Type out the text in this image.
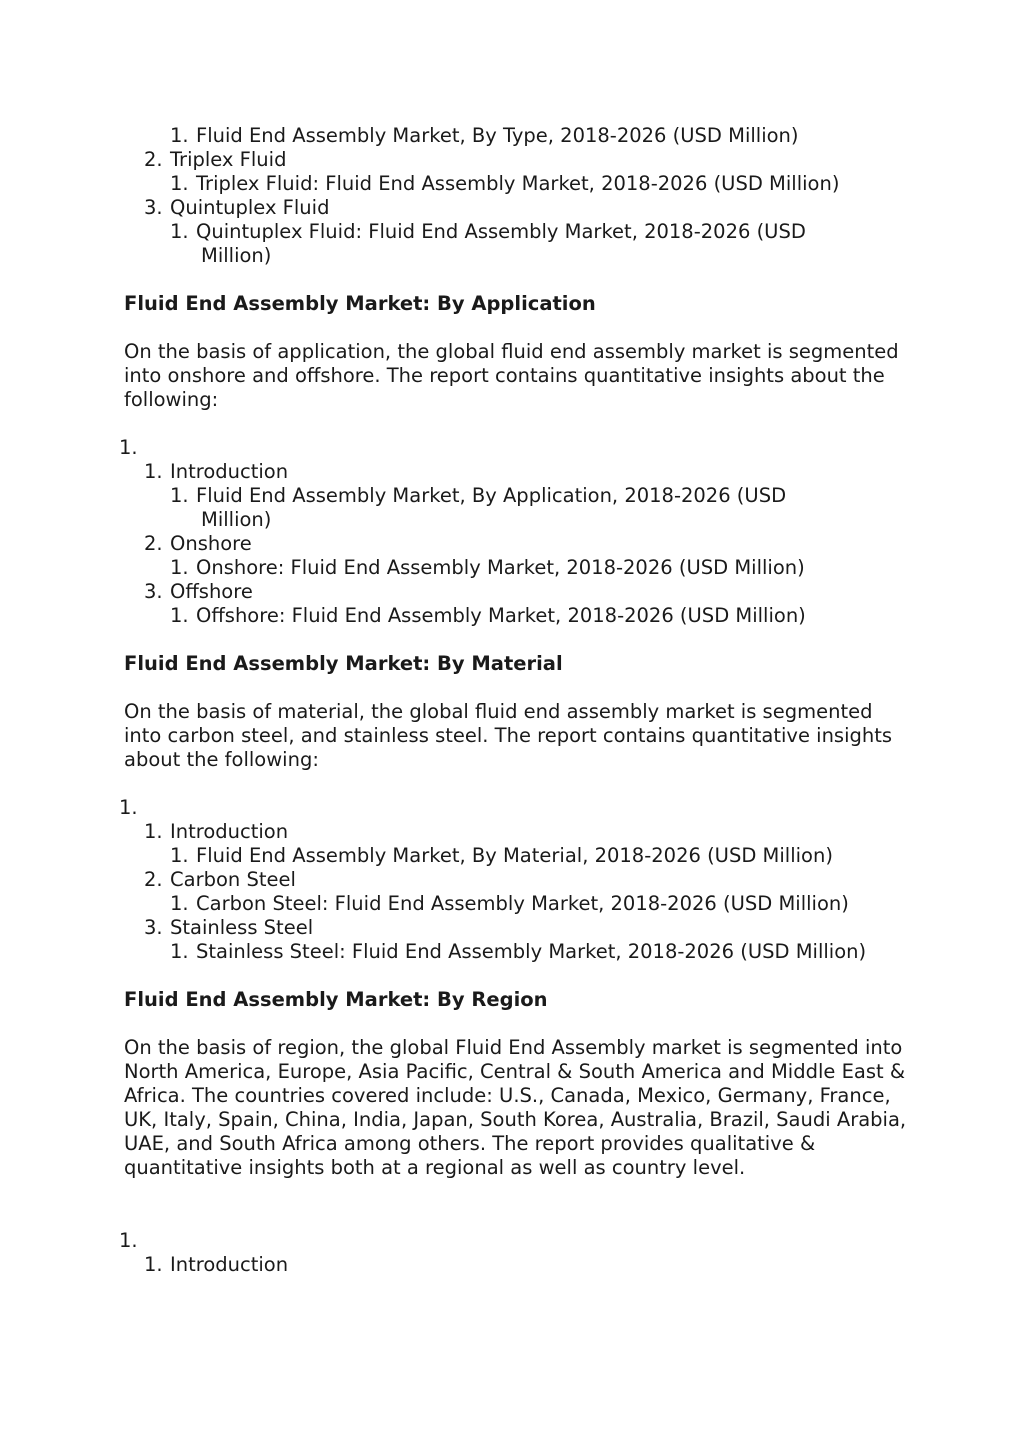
1. Fluid End Assembly Market, By Type, 2018-2026 (USD Million)
2. Triplex Fluid
1. Triplex Fluid: Fluid End Assembly Market, 2018-2026 (USD Million)
3. Quintuplex Fluid
1. Quintuplex Fluid: Fluid End Assembly Market, 2018-2026 (USD
Million)
Fluid End Assembly Market: By Application
On the basis of application, the global fluid end assembly market is segmented into onshore and offshore. The report contains quantitative insights about the following:
1.
1. Introduction
1. Fluid End Assembly Market, By Application, 2018-2026 (USD
Million)
2. Onshore
1. Onshore: Fluid End Assembly Market, 2018-2026 (USD Million)
3. Offshore
1. Offshore: Fluid End Assembly Market, 2018-2026 (USD Million)
Fluid End Assembly Market: By Material
On the basis of material, the global fluid end assembly market is segmented into carbon steel, and stainless steel. The report contains quantitative insights about the following:
1.
1. Introduction
1. Fluid End Assembly Market, By Material, 2018-2026 (USD Million)
2. Carbon Steel
1. Carbon Steel: Fluid End Assembly Market, 2018-2026 (USD Million)
3. Stainless Steel
1. Stainless Steel: Fluid End Assembly Market, 2018-2026 (USD Million)
Fluid End Assembly Market: By Region
On the basis of region, the global Fluid End Assembly market is segmented into North America, Europe, Asia Pacific, Central & South America and Middle East & Africa. The countries covered include: U.S., Canada, Mexico, Germany, France, UK, Italy, Spain, China, India, Japan, South Korea, Australia, Brazil, Saudi Arabia, UAE, and South Africa among others. The report provides qualitative & quantitative insights both at a regional as well as country level.
1.
1. Introduction
